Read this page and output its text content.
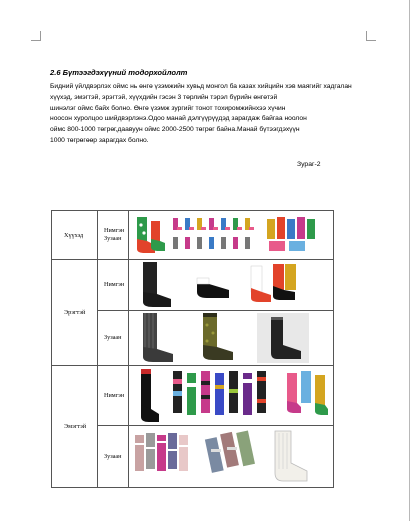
2.6 Бүтээгдэхүүний тодорхойлолт
Бидний үйлдвэрлэх оймс нь өнгө үзэмжийн хувьд монгол ба казах хийцийн хэв маягийг хадгалан
хүүхэд, эмэгтэй, эрэгтэй, хүүхдийн гэсэн 3 төрлийн тэрэл бүрийн өнгөтэй
шинэлэг оймс байх болно. Өнгө үзэмж зургийг тонот тохиромжийнхээ хүчин
ноосон хуролцоо шийдвэрлэнэ.Одоо манай дэлгүүрүүдэд зарагдаж байгаа ноолон
оймс 800-1000 төгрөг,даавуун оймс 2000-2500 төгрөг байна.Манай бүтээгдэхүүн
1000 төгрөгөөр зарагдах болно.
Зураг-2
Хүүхэд	Нимгэн Зузаан	

Эрэгтэй	Нимгэн	

	Зузаан	

Эмэгтэй	Нимгэн	

	Зузаан	
